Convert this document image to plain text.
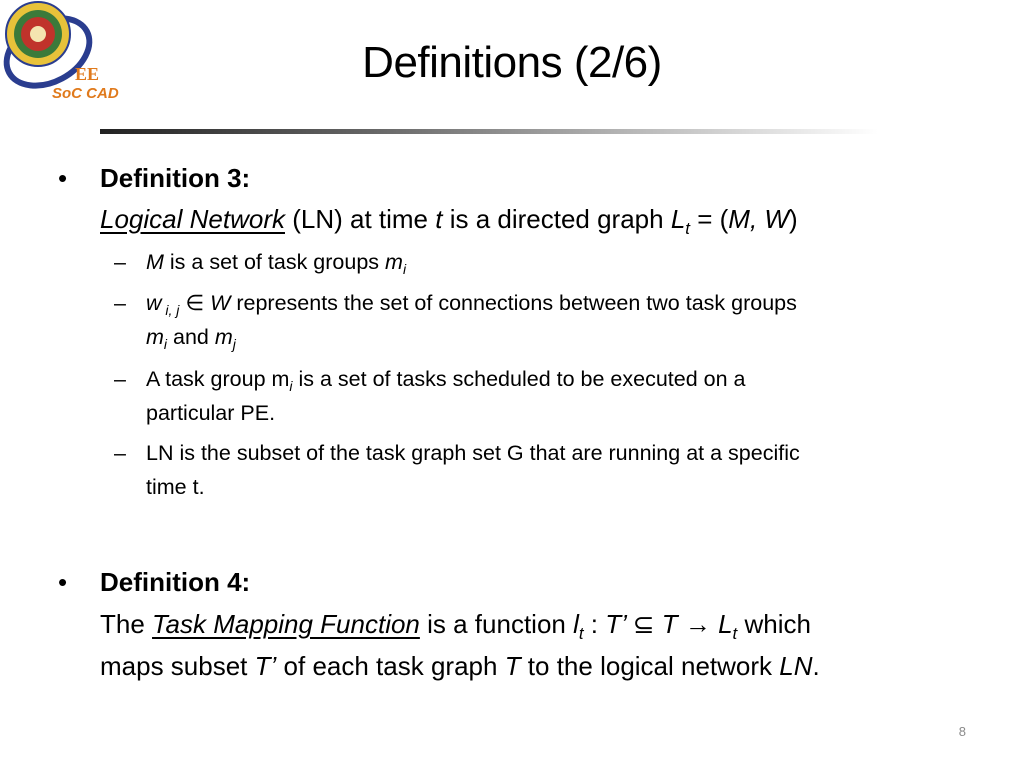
EE
SoC CAD
Definitions (2/6)
• Definition 3:
Logical Network (LN) at time t is a directed graph $L_t = (M$, W)
– M is a set of task groups $m_i$
– w $_{i, j}$ ∈ W represents the set of connections between two task groups
$m_i$ and $m_j$
– A task group $m_i$ is a set of tasks scheduled to be executed on a
particular PE.
– LN is the subset of the task graph set G that are running at a specific
time t.
• Definition 4:
The Task Mapping Function is a function $l_t$ : T’ ⊆ $T \to L_t$ which
maps subset T’ of each task graph T to the logical network LN.
8
